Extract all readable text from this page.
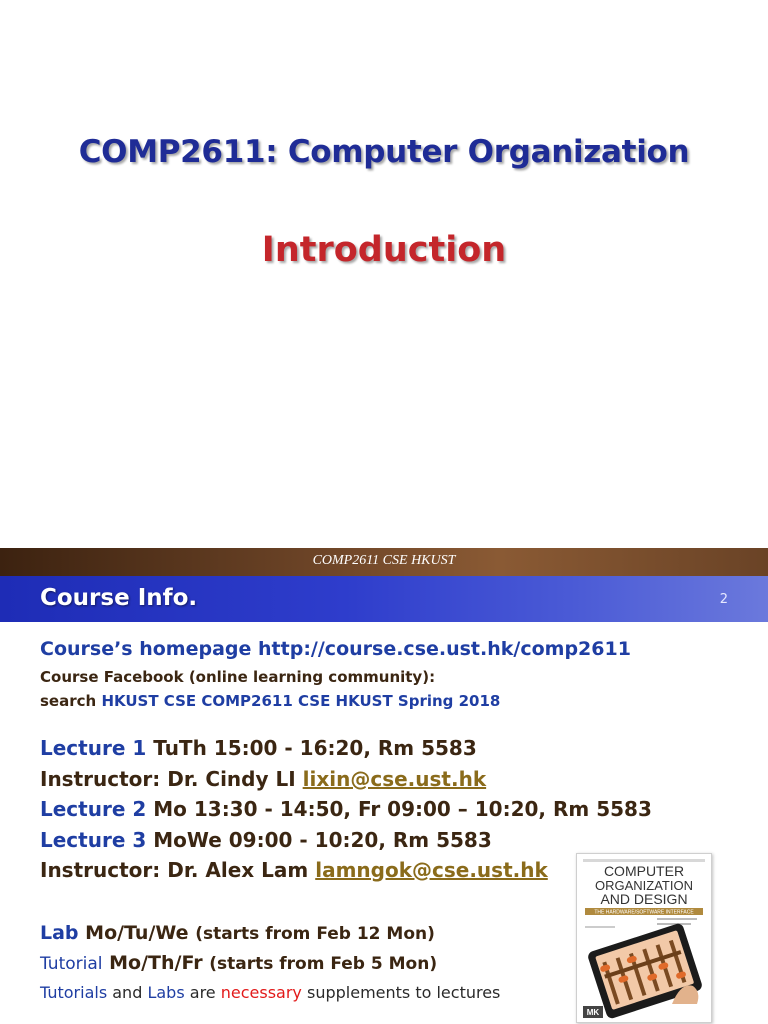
COMP2611: Computer Organization
Introduction
COMP2611 CSE HKUST
Course Info.	2
Course’s homepage http://course.cse.ust.hk/comp2611
Course Facebook (online learning community):
search HKUST CSE COMP2611 CSE HKUST Spring 2018
Lecture 1 TuTh 15:00 - 16:20, Rm 5583
Instructor: Dr. Cindy LI lixin@cse.ust.hk
Lecture 2 Mo 13:30 - 14:50, Fr 09:00 – 10:20, Rm 5583
Lecture 3 MoWe 09:00 - 10:20, Rm 5583
Instructor: Dr. Alex Lam lamngok@cse.ust.hk
Lab Mo/Tu/We (starts from Feb 12 Mon)
Tutorial Mo/Th/Fr (starts from Feb 5 Mon)
Tutorials and Labs are necessary supplements to lectures
COMPUTER
ORGANIZATION
AND DESIGN
THE HARDWARE/SOFTWARE INTERFACE
MK
